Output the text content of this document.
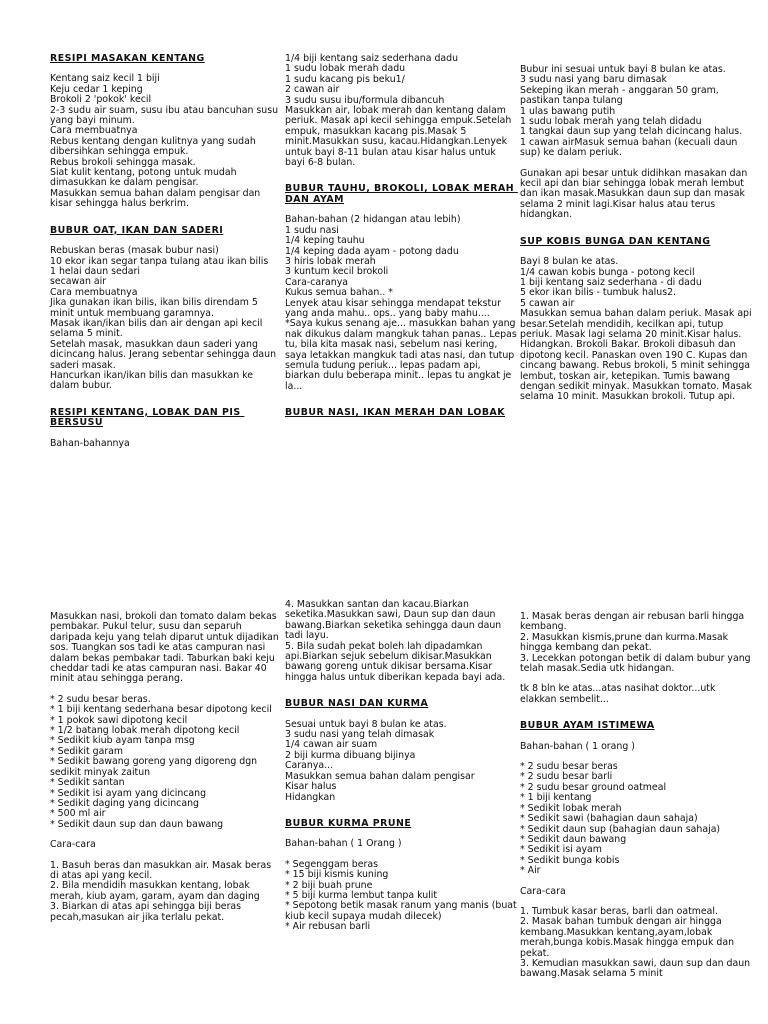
RESIPI MASAKAN KENTANG

Kentang saiz kecil 1 biji
Keju cedar 1 keping
Brokoli 2 'pokok' kecil
2-3 sudu air suam, susu ibu atau bancuhan susu yang bayi minum.
Cara membuatnya
Rebus kentang dengan kulitnya yang sudah dibersihkan sehingga empuk.
Rebus brokoli sehingga masak.
Siat kulit kentang, potong untuk mudah dimasukkan ke dalam pengisar.
Masukkan semua bahan dalam pengisar dan kisar sehingga halus berkrim.

BUBUR OAT, IKAN DAN SADERI

Rebuskan beras (masak bubur nasi)
10 ekor ikan segar tanpa tulang atau ikan bilis
1 helai daun sedari
secawan air
Cara membuatnya
Jika gunakan ikan bilis, ikan bilis direndam 5 minit untuk membuang garamnya.
Masak ikan/ikan bilis dan air dengan api kecil selama 5 minit.
Setelah masak, masukkan daun saderi yang dicincang halus. Jerang sebentar sehingga daun saderi masak.
Hancurkan ikan/ikan bilis dan masukkan ke dalam bubur.

RESIPI KENTANG, LOBAK DAN PIS BERSUSU

Bahan-bahannya

1/4 biji kentang saiz sederhana dadu
1 sudu lobak merah dadu
1 sudu kacang pis beku1/
2 cawan air
3 sudu susu ibu/formula dibancuh
Masukkan air, lobak merah dan kentang dalam periuk. Masak api kecil sehingga empuk.Setelah empuk, masukkan kacang pis.Masak 5 minit.Masukkan susu, kacau.Hidangkan.Lenyek untuk bayi 8-11 bulan atau kisar halus untuk bayi 6-8 bulan.

BUBUR TAUHU, BROKOLI, LOBAK MERAH DAN AYAM

Bahan-bahan (2 hidangan atau lebih)
1 sudu nasi
1/4 keping tauhu
1/4 keping dada ayam - potong dadu
3 hiris lobak merah
3 kuntum kecil brokoli
Cara-caranya
Kukus semua bahan.. *
Lenyek atau kisar sehingga mendapat tekstur yang anda mahu.. ops.. yang baby mahu.... *Saya kukus senang aje... masukkan bahan yang nak dikukus dalam mangkuk tahan panas.. Lepas tu, bila kita masak nasi, sebelum nasi kering, saya letakkan mangkuk tadi atas nasi, dan tutup semula tudung periuk... lepas padam api, biarkan dulu beberapa minit.. lepas tu angkat je la...

BUBUR NASI, IKAN MERAH DAN LOBAK

Bubur ini sesuai untuk bayi 8 bulan ke atas.
3 sudu nasi yang baru dimasak
Sekeping ikan merah - anggaran 50 gram, pastikan tanpa tulang
1 ulas bawang putih
1 sudu lobak merah yang telah didadu
1 tangkai daun sup yang telah dicincang halus.
1 cawan airMasuk semua bahan (kecuali daun sup) ke dalam periuk.

Gunakan api besar untuk didihkan masakan dan kecil api dan biar sehingga lobak merah lembut dan ikan masak.Masukkan daun sup dan masak selama 2 minit lagi.Kisar halus atau terus hidangkan.

SUP KOBIS BUNGA DAN KENTANG

Bayi 8 bulan ke atas.
1/4 cawan kobis bunga - potong kecil
1 biji kentang saiz sederhana - di dadu
5 ekor ikan bilis - tumbuk halus2.
5 cawan air
Masukkan semua bahan dalam periuk. Masak api besar.Setelah mendidih, kecilkan api, tutup periuk. Masak lagi selama 20 minit.Kisar halus. Hidangkan. Brokoli Bakar. Brokoli dibasuh dan dipotong kecil. Panaskan oven 190 C. Kupas dan cincang bawang. Rebus brokoli, 5 minit sehingga lembut, toskan air, ketepikan. Tumis bawang dengan sedikit minyak. Masukkan tomato. Masak selama 10 minit. Masukkan brokoli. Tutup api.

Masukkan nasi, brokoli dan tomato dalam bekas pembakar. Pukul telur, susu dan separuh daripada keju yang telah diparut untuk dijadikan sos. Tuangkan sos tadi ke atas campuran nasi dalam bekas pembakar tadi. Taburkan baki keju cheddar tadi ke atas campuran nasi. Bakar 40 minit atau sehingga perang.

* 2 sudu besar beras.
* 1 biji kentang sederhana besar dipotong kecil
* 1 pokok sawi dipotong kecil
* 1/2 batang lobak merah dipotong kecil
* Sedikit kiub ayam tanpa msg
* Sedikit garam
* Sedikit bawang goreng yang digoreng dgn sedikit minyak zaitun
* Sedikit santan
* Sedikit isi ayam yang dicincang
* Sedikit daging yang dicincang
* 500 ml air
* Sedikit daun sup dan daun bawang

Cara-cara

1. Basuh beras dan masukkan air. Masak beras di atas api yang kecil.
2. Bila mendidih masukkan kentang, lobak merah, kiub ayam, garam, ayam dan daging
3. Biarkan di atas api sehingga biji beras pecah,masukan air jika terlalu pekat.

4. Masukkan santan dan kacau.Biarkan seketika.Masukkan sawi, Daun sup dan daun bawang.Biarkan seketika sehingga daun daun tadi layu.
5. Bila sudah pekat boleh lah dipadamkan api.Biarkan sejuk sebelum dikisar.Masukkan bawang goreng untuk dikisar bersama.Kisar hingga halus untuk diberikan kepada bayi ada.

BUBUR NASI DAN KURMA

Sesuai untuk bayi 8 bulan ke atas.
3 sudu nasi yang telah dimasak
1/4 cawan air suam
2 biji kurma dibuang bijinya
Caranya...
Masukkan semua bahan dalam pengisar
Kisar halus
Hidangkan

BUBUR KURMA PRUNE

Bahan-bahan ( 1 Orang )

* Segenggam beras
* 15 biji kismis kuning
* 2 biji buah prune
* 5 biji kurma lembut tanpa kulit
* Sepotong betik masak ranum yang manis (buat kiub kecil supaya mudah dilecek)
* Air rebusan barli

1. Masak beras dengan air rebusan barli hingga kembang.
2. Masukkan kismis,prune dan kurma.Masak hingga kembang dan pekat.
3. Lecekkan potongan betik di dalam bubur yang telah masak.Sedia utk hidangan.

tk 8 bln ke atas...atas nasihat doktor...utk elakkan sembelit...

BUBUR AYAM ISTIMEWA

Bahan-bahan ( 1 orang )

* 2 sudu besar beras
* 2 sudu besar barli
* 2 sudu besar ground oatmeal
* 1 biji kentang
* Sedikit lobak merah
* Sedikit sawi (bahagian daun sahaja)
* Sedikit daun sup (bahagian daun sahaja)
* Sedikit daun bawang
* Sedikit isi ayam
* Sedikit bunga kobis
* Air

Cara-cara

1. Tumbuk kasar beras, barli dan oatmeal.
2. Masak bahan tumbuk dengan air hingga kembang.Masukkan kentang,ayam,lobak merah,bunga kobis.Masak hingga empuk dan pekat.
3. Kemudian masukkan sawi, daun sup dan daun bawang.Masak selama 5 minit
